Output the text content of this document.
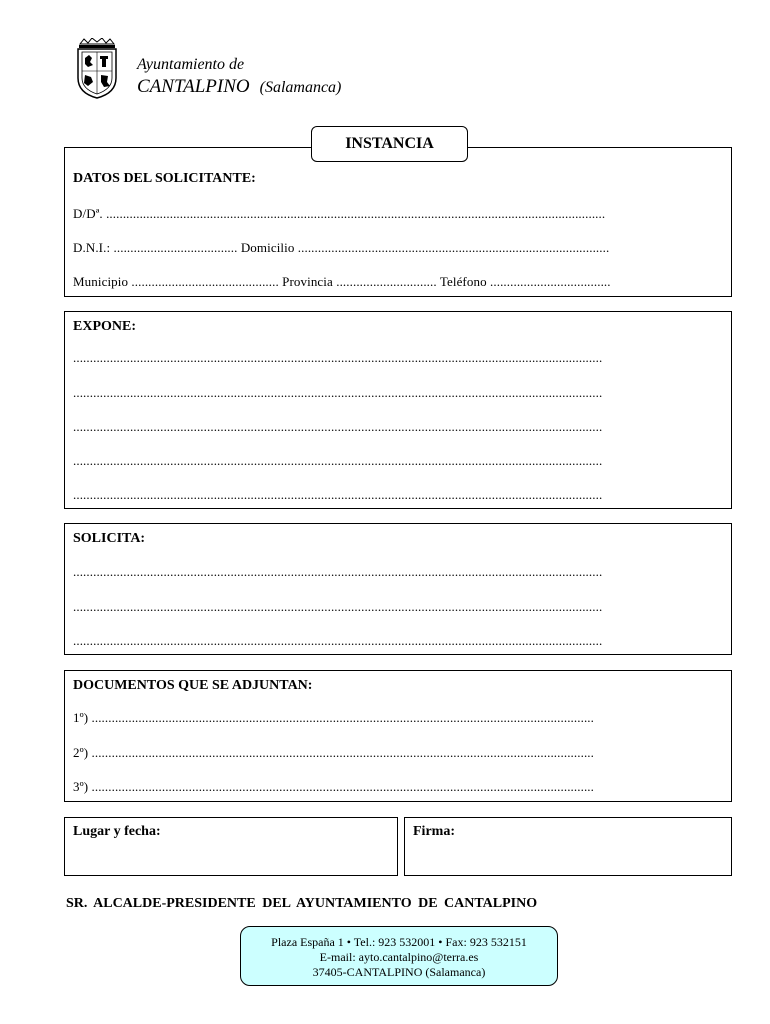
Ayuntamiento de
CANTALPINO (Salamanca)
INSTANCIA
DATOS DEL SOLICITANTE:
D/Dª. .....................................................................................................................................................
D.N.I.: ..................................... Domicilio .............................................................................................
Municipio ............................................ Provincia .............................. Teléfono ....................................
EXPONE:
..............................................................................................................................................................
..............................................................................................................................................................
..............................................................................................................................................................
..............................................................................................................................................................
..............................................................................................................................................................
SOLICITA:
..............................................................................................................................................................
..............................................................................................................................................................
..............................................................................................................................................................
DOCUMENTOS QUE SE ADJUNTAN:
1º) ......................................................................................................................................................
2º) ......................................................................................................................................................
3º) ......................................................................................................................................................
Lugar y fecha:	Firma:
SR. ALCALDE-PRESIDENTE DEL AYUNTAMIENTO DE CANTALPINO
Plaza España 1 • Tel.: 923 532001 • Fax: 923 532151
E-mail: ayto.cantalpino@terra.es
37405-CANTALPINO (Salamanca)
